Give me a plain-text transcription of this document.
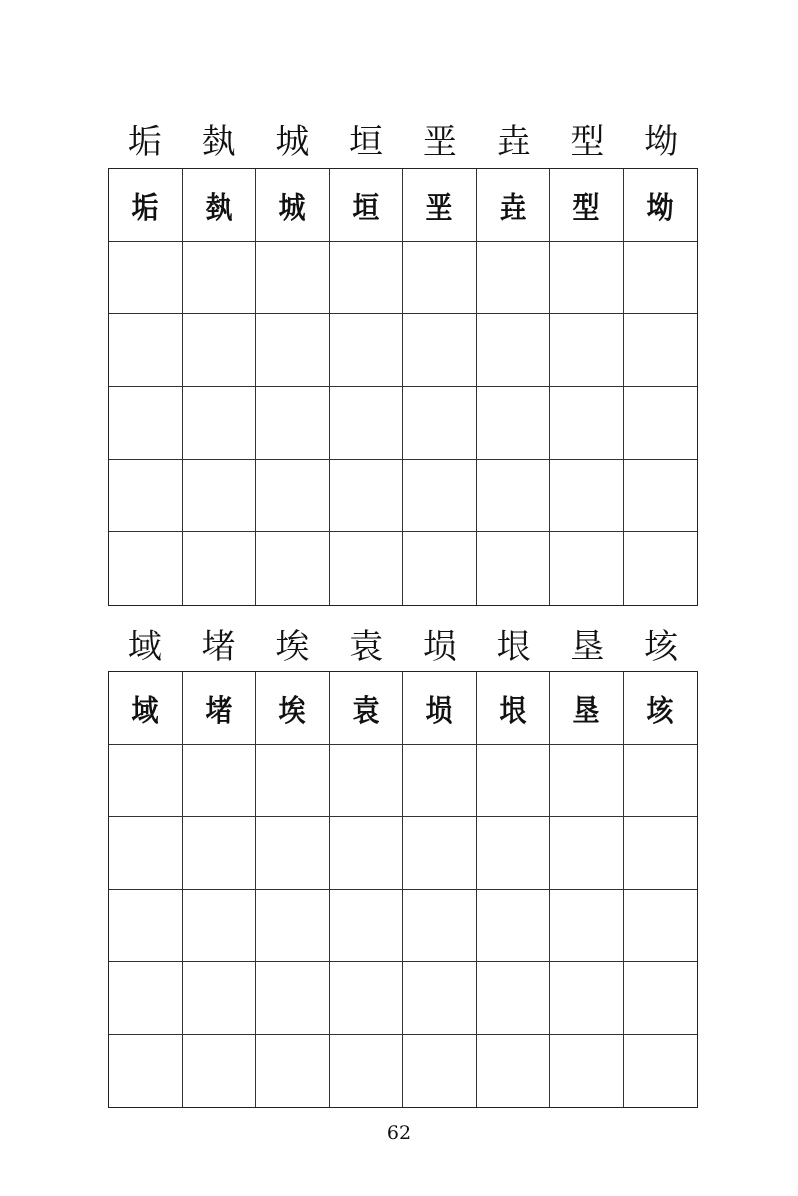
垢	埶	城	垣	垩	垚	型	坳
垢 埶 城 垣 垩 垚 型 坳
域	堵	埃	袁	埙	垠	垦	垓
域 堵 埃 袁 埙 垠 垦 垓
62
